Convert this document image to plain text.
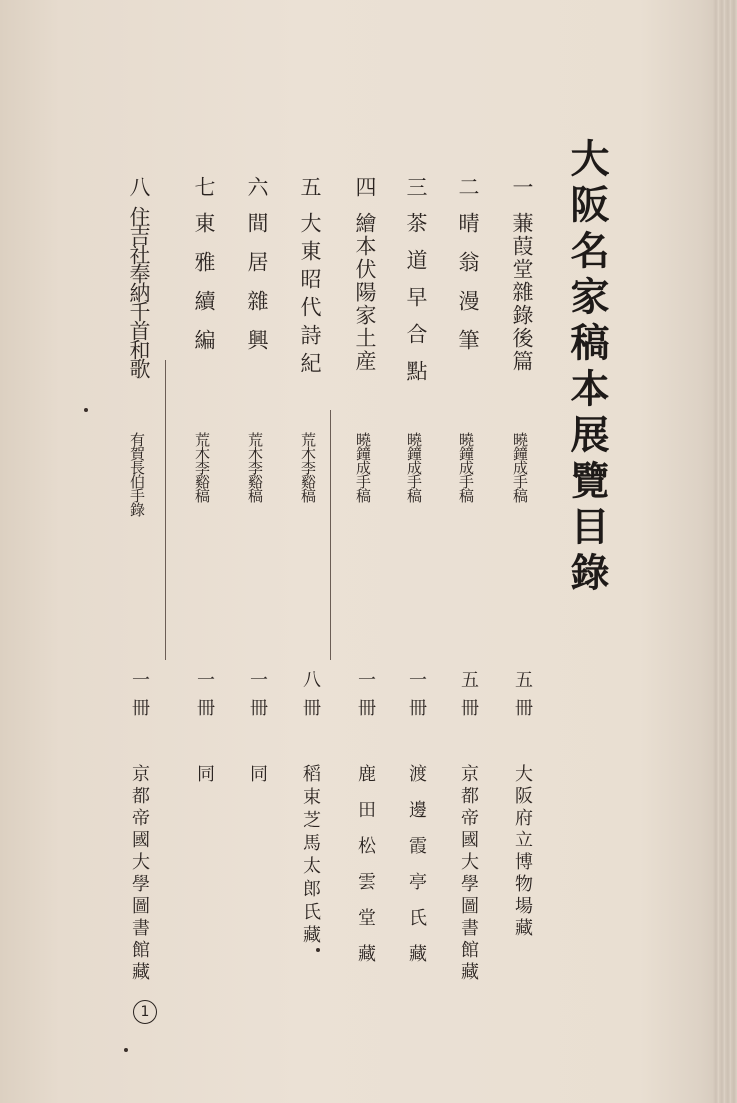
大阪名家稿本展覽目錄
一
蒹葭堂雜錄後篇
曉鐘成手稿
五冊
大阪府立博物場藏
二
晴翁漫筆
曉鐘成手稿
五冊
京都帝國大學圖書館藏
三
茶道早合點
曉鐘成手稿
一冊
渡邊霞亭氏藏
四
繪本伏陽家土産
曉鐘成手稿
一冊
鹿田松雲堂藏
五
大東昭代詩紀
荒木李谿稿
八冊
稻束芝馬太郎氏藏
六
間居雜興
荒木李谿稿
一冊
同
七
東雅續編
荒木李谿稿
一冊
同
八
住吉社奉納千首和歌
有賀長伯手錄
一冊
京都帝國大學圖書館藏
1
